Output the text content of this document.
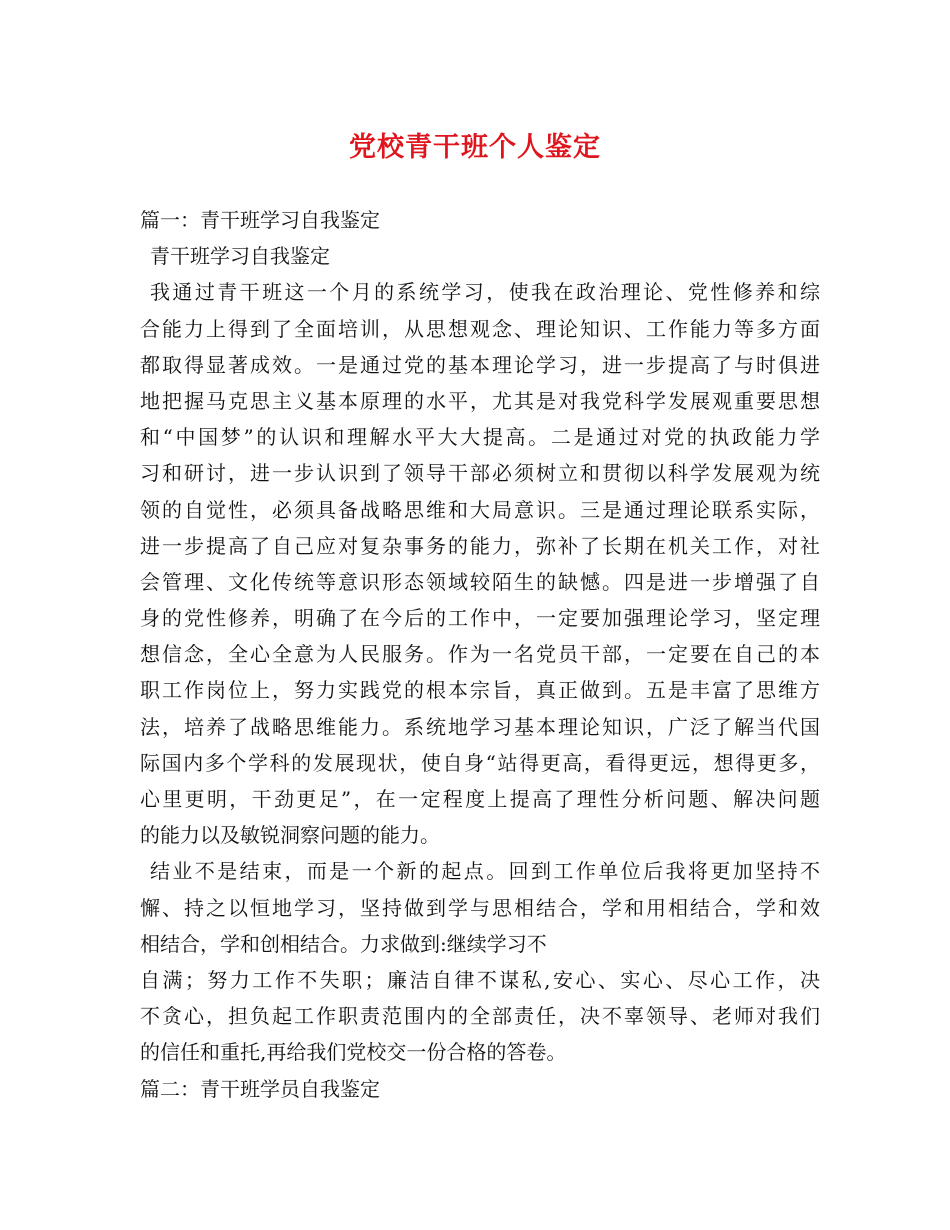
党校青干班个人鉴定
篇一：青干班学习自我鉴定
青干班学习自我鉴定
我通过青干班这一个月的系统学习，使我在政治理论、党性修养和综
合能力上得到了全面培训，从思想观念、理论知识、工作能力等多方面
都取得显著成效。一是通过党的基本理论学习，进一步提高了与时俱进
地把握马克思主义基本原理的水平，尤其是对我党科学发展观重要思想
和“中国梦”的认识和理解水平大大提高。二是通过对党的执政能力学
习和研讨，进一步认识到了领导干部必须树立和贯彻以科学发展观为统
领的自觉性，必须具备战略思维和大局意识。三是通过理论联系实际，
进一步提高了自己应对复杂事务的能力，弥补了长期在机关工作，对社
会管理、文化传统等意识形态领域较陌生的缺憾。四是进一步增强了自
身的党性修养，明确了在今后的工作中，一定要加强理论学习，坚定理
想信念，全心全意为人民服务。作为一名党员干部，一定要在自己的本
职工作岗位上，努力实践党的根本宗旨，真正做到。五是丰富了思维方
法，培养了战略思维能力。系统地学习基本理论知识，广泛了解当代国
际国内多个学科的发展现状，使自身“站得更高，看得更远，想得更多，
心里更明，干劲更足”，在一定程度上提高了理性分析问题、解决问题
的能力以及敏锐洞察问题的能力。
结业不是结束，而是一个新的起点。回到工作单位后我将更加坚持不
懈、持之以恒地学习，坚持做到学与思相结合，学和用相结合，学和效
相结合，学和创相结合。力求做到:继续学习不
自满；努力工作不失职；廉洁自律不谋私,安心、实心、尽心工作，决
不贪心，担负起工作职责范围内的全部责任，决不辜领导、老师对我们
的信任和重托,再给我们党校交一份合格的答卷。
篇二：青干班学员自我鉴定
